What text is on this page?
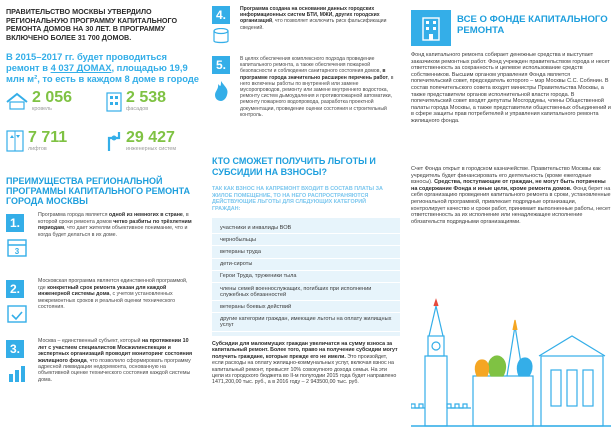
ПРАВИТЕЛЬСТВО МОСКВЫ УТВЕРДИЛО РЕГИОНАЛЬНУЮ ПРОГРАММУ КАПИТАЛЬНОГО РЕМОНТА ДОМОВ НА 30 ЛЕТ. В ПРОГРАММУ ВКЛЮЧЕНО БОЛЕЕ 31 700 ДОМОВ.
В 2015–2017 гг. будет проводиться ремонт в 4 037 ДОМАХ, площадью 19,9 млн м², то есть в каждом 8 доме в городе
2 056
кровель
2 538
фасадов
7 711
лифтов
29 427
инженерных систем
ПРЕИМУЩЕСТВА РЕГИОНАЛЬНОЙ ПРОГРАММЫ КАПИТАЛЬНОГО РЕМОНТА ГОРОДА МОСКВЫ
1.
3
Программа города является одной из немногих в стране, в которой сроки ремонта домов четко разбиты по трёхлетним периодам, что дает жителям объективное понимание, что и когда будет делаться в их доме.
2.
Московская программа является единственной программой, где конкретный срок ремонта указан для каждой инженерной системы дома, с учетом установленных межремонтных сроков и реальной оценки технического состояния.
3.
Москва – единственный субъект, который на протяжении 10 лет с участием специалистов Мосжилинспекции и экспертных организаций проводит мониторинг состояния жилищного фонда, что позволило сформировать программу адресной ликвидации недоремонта, основанную на объективной оценке технического состояния каждой системы дома.
4.	Программа создана на основании данных городских информационных систем БТИ, МЖИ, других городских организаций, что позволяет исключить риск фальсификации сведений.
5.	В целях обеспечения комплексного подхода проведение капитального ремонта, а также обеспечения пожарной безопасности и соблюдения санитарного состояния домов, в программе города значительно расширен перечень работ, в него включены работы по внутренней или замене мусоропроводов, ремонту или замене внутреннего водостока, ремонту систем дымоудаления и противопожарной автоматики, ремонту пожарного водопровода, разработка проектной документации, проведение оценки состояния и строительный контроль.
КТО СМОЖЕТ ПОЛУЧИТЬ ЛЬГОТЫ И СУБСИДИИ НА ВЗНОСЫ?
ТАК КАК ВЗНОС НА КАПРЕМОНТ ВХОДИТ В СОСТАВ ПЛАТЫ ЗА ЖИЛОЕ ПОМЕЩЕНИЕ, ТО НА НЕГО РАСПРОСТРАНЯЮТСЯ ДЕЙСТВУЮЩИЕ ЛЬГОТЫ ДЛЯ СЛЕДУЮЩИХ КАТЕГОРИЙ ГРАЖДАН:
участники и инвалиды ВОВ
чернобыльцы
ветераны труда
дети-сироты
Герои Труда, труженики тыла
члены семей военнослужащих, погибших при исполнении служебных обязанностей
ветераны боевых действий
другие категории граждан, имеющие льготы на оплату жилищных услуг
Субсидии для малоимущих граждан увеличатся на сумму взноса за капитальный ремонт. Более того, право на получение субсидии могут получить граждане, которые прежде его не имели. Это произойдет, если расходы на оплату жилищно-коммунальных услуг, включая взнос на капитальный ремонт, превысят 10% совокупного дохода семьи. На эти цели из городского бюджета во II-м полугодии 2015 года будет направлено 1471,200,00 тыс. руб., а в 2016 году – 2 943500,00 тыс. руб.
ВСЕ О ФОНДЕ КАПИТАЛЬНОГО РЕМОНТА
Фонд капитального ремонта собирает денежные средства и выступает заказчиком ремонтных работ. Фонд учрежден правительством города и несет ответственность за сохранность и целевое использование средств собственников. Высшим органом управления Фонда является попечительский совет, председатель которого – мэр Москвы С.С. Собянин. В состав попечительского совета входят министры Правительства Москвы, а также представители органов исполнительной власти города. В попечительский совет входят депутаты Мосгордумы, члены Общественной палаты города Москвы, а также представители общественных объединений и в сфере защиты прав потребителей и управления капитального ремонта жилищного фонда.
Счет Фонда открыт в городском казначействе. Правительство Москвы как учредитель будет финансировать его деятельность (кроме ежегодные взносы). Средства, поступающие от граждан, не могут быть потрачены на содержание Фонда и иные цели, кроме ремонта домов. Фонд берет на себя организацию проведения капитального ремонта в сроки, установленные региональной программой, привлекает подрядные организации, контролирует качество и сроки работ, принимает выполненные работы, несет ответственность за их исполнение или ненадлежащее исполнение обязательств подрядными организациями.
